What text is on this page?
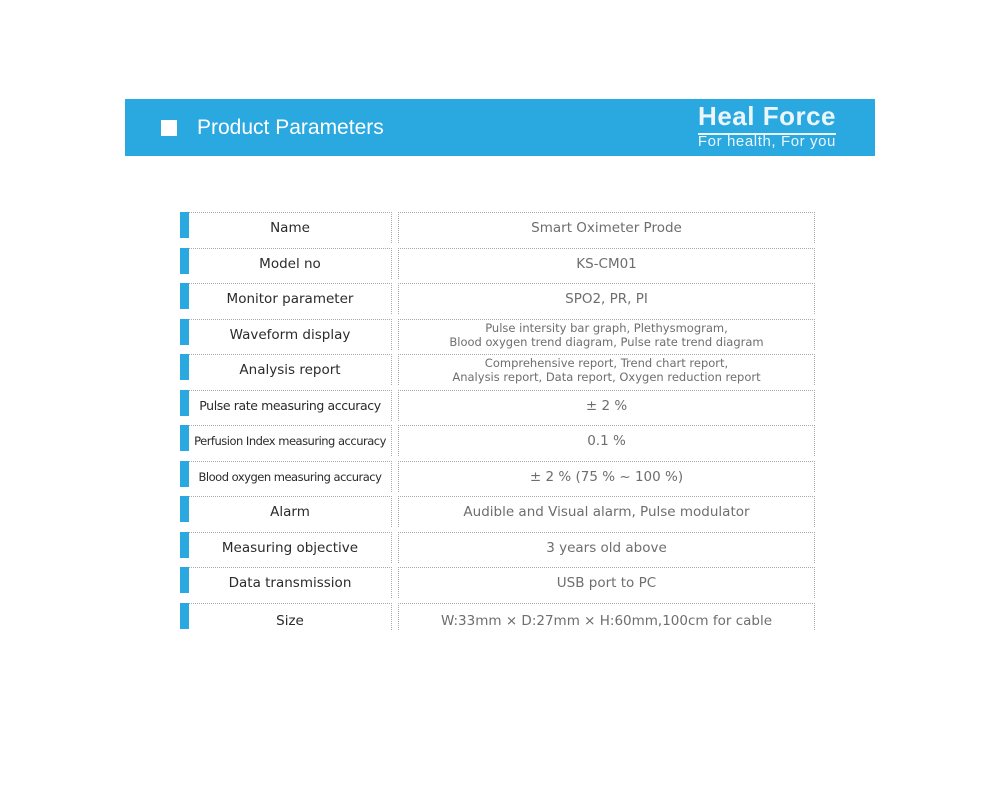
Product Parameters	Heal Force
For health, For you
Name	Smart Oximeter Prode
Model no	KS-CM01
Monitor parameter	SPO2, PR, PI
Waveform display	Pulse intersity bar graph, Plethysmogram,
Blood oxygen trend diagram, Pulse rate trend diagram
Analysis report	Comprehensive report, Trend chart report,
Analysis report, Data report, Oxygen reduction report
Pulse rate measuring accuracy	± 2 %
Perfusion Index measuring accuracy	0.1 %
Blood oxygen measuring accuracy	± 2 % (75 % ~ 100 %)
Alarm	Audible and Visual alarm, Pulse modulator
Measuring objective	3 years old above
Data transmission	USB port to PC
Size	W:33mm × D:27mm × H:60mm,100cm for cable
